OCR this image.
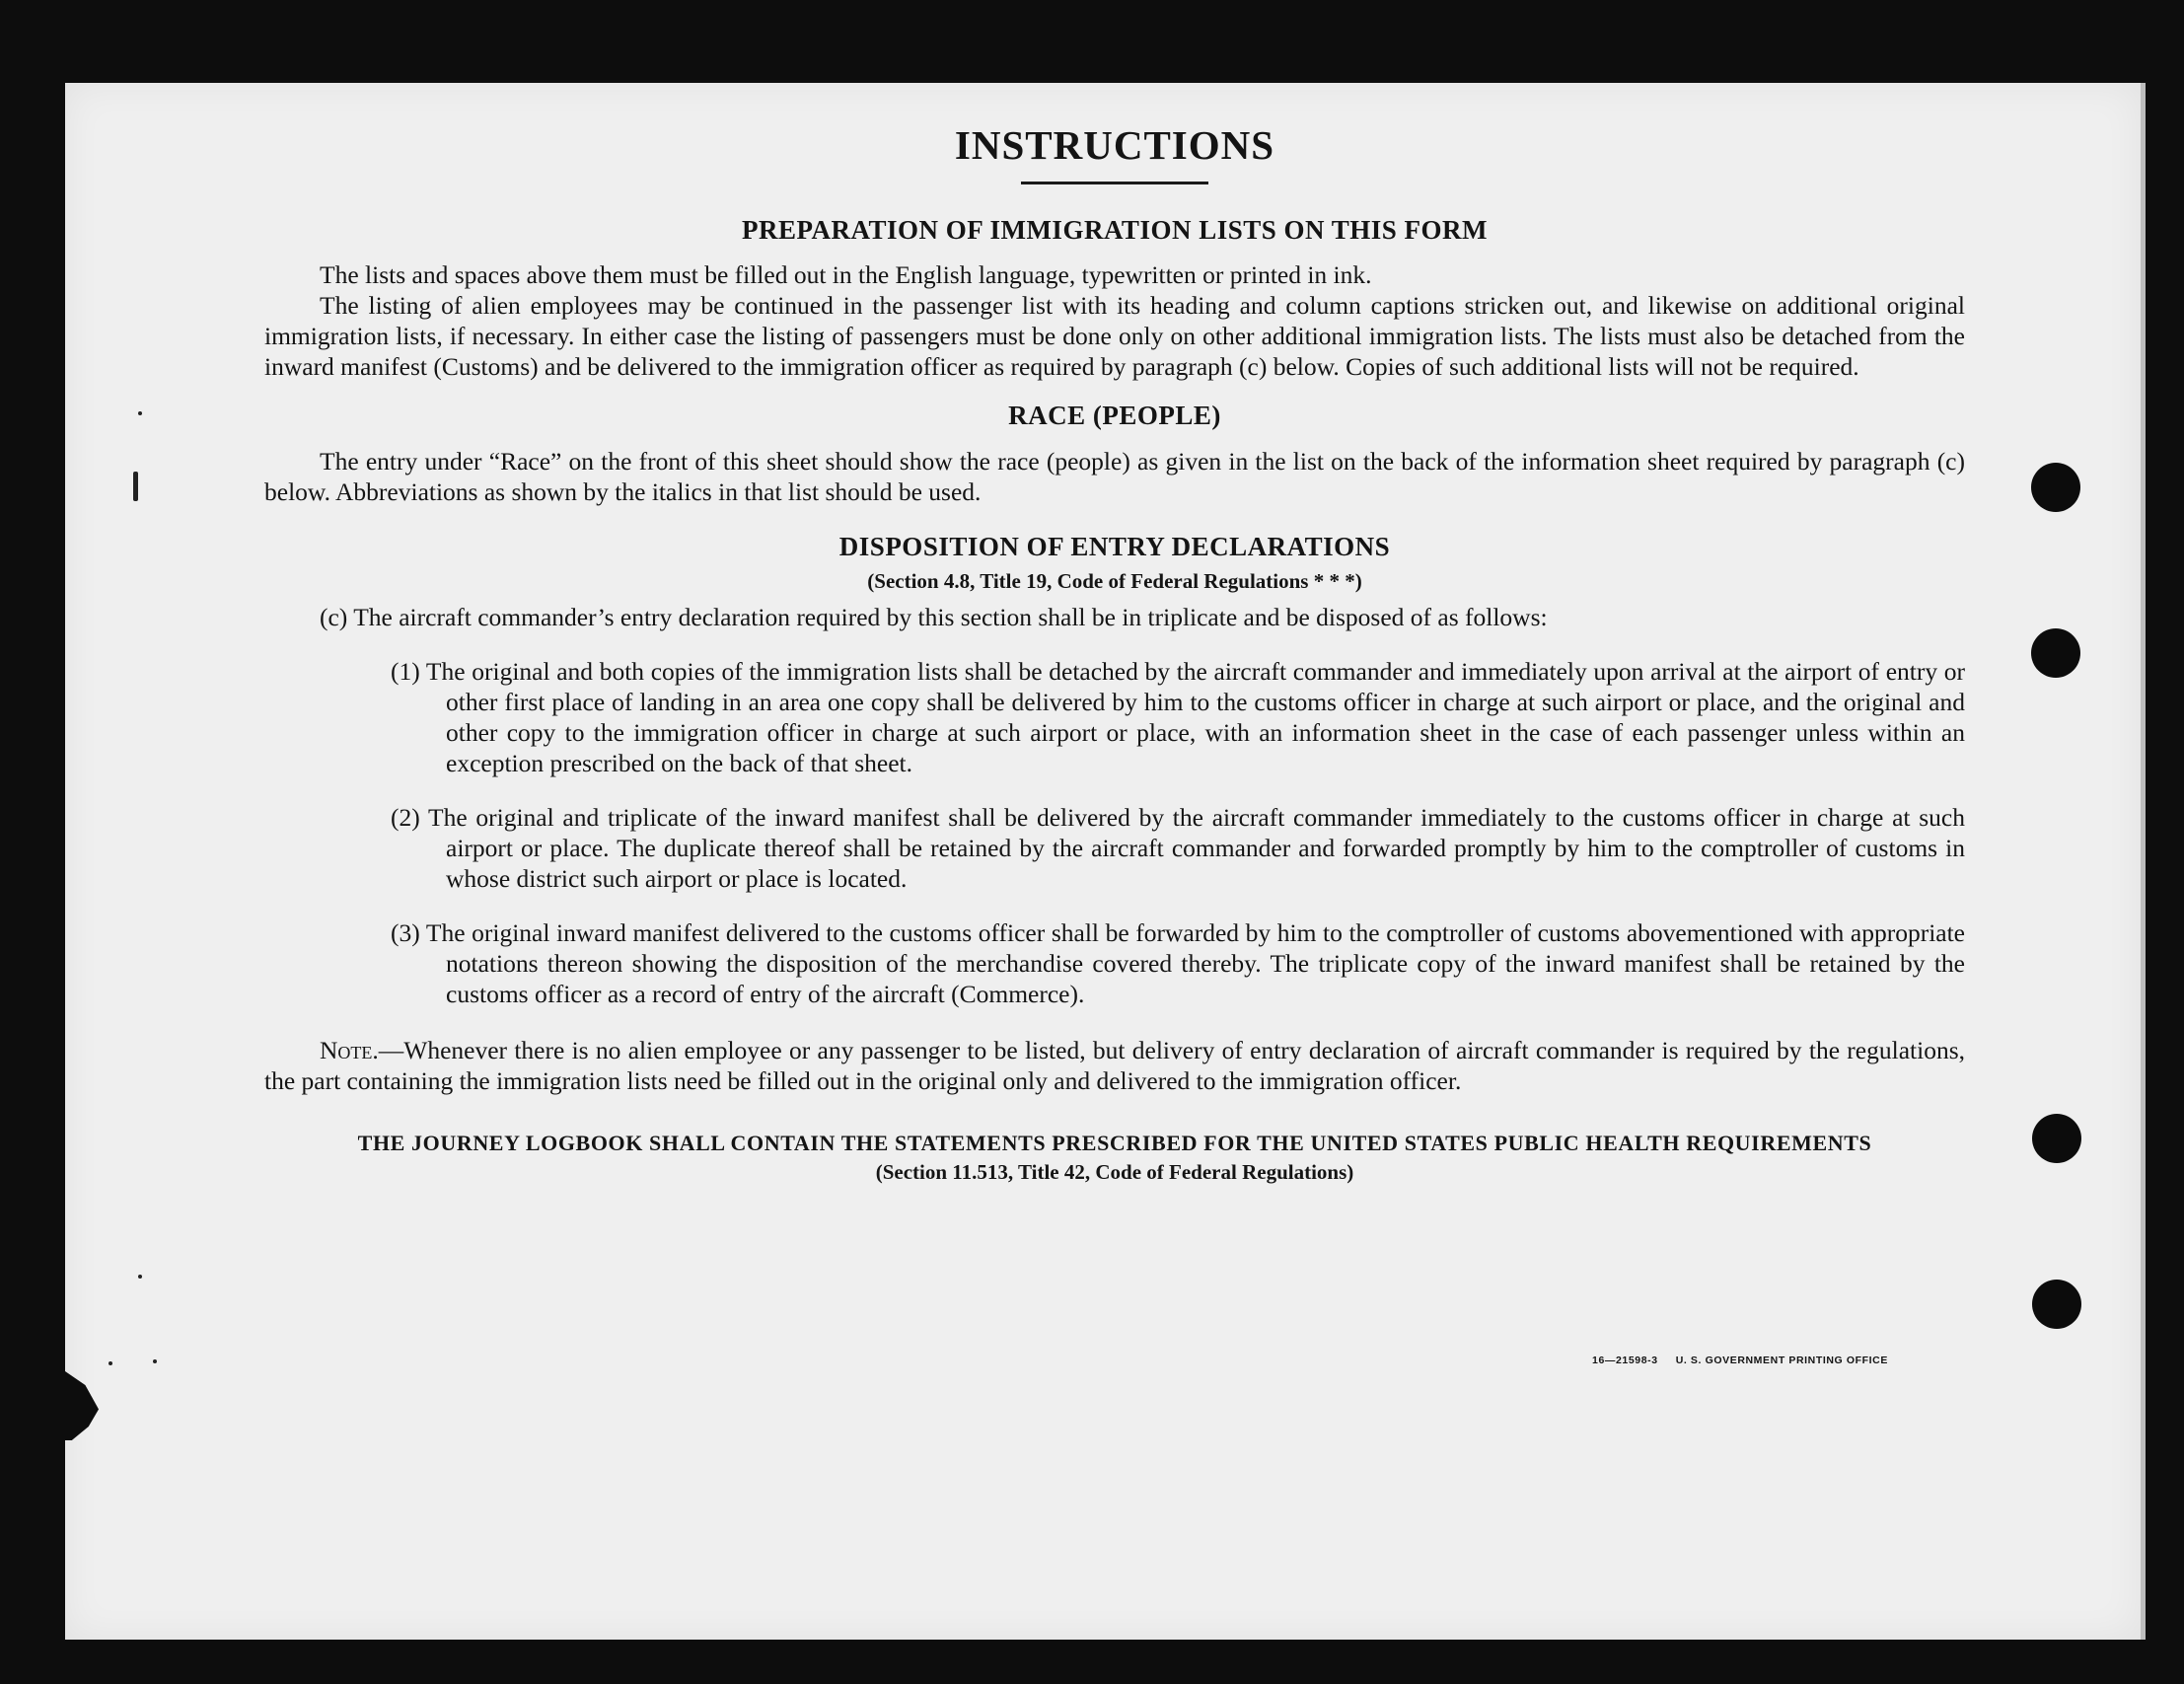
INSTRUCTIONS
PREPARATION OF IMMIGRATION LISTS ON THIS FORM

The lists and spaces above them must be filled out in the English language, typewritten or printed in ink.

The listing of alien employees may be continued in the passenger list with its heading and column captions stricken out, and likewise on additional original immigration lists, if necessary. In either case the listing of passengers must be done only on other additional immigration lists. The lists must also be detached from the inward manifest (Customs) and be delivered to the immigration officer as required by paragraph (c) below. Copies of such additional lists will not be required.

RACE (PEOPLE)

The entry under “Race” on the front of this sheet should show the race (people) as given in the list on the back of the information sheet required by paragraph (c) below. Abbreviations as shown by the italics in that list should be used.

DISPOSITION OF ENTRY DECLARATIONS

(Section 4.8, Title 19, Code of Federal Regulations * * *)

(c) The aircraft commander’s entry declaration required by this section shall be in triplicate and be disposed of as follows:

(1) The original and both copies of the immigration lists shall be detached by the aircraft commander and immediately upon arrival at the airport of entry or other first place of landing in an area one copy shall be delivered by him to the customs officer in charge at such airport or place, and the original and other copy to the immigration officer in charge at such airport or place, with an information sheet in the case of each passenger unless within an exception prescribed on the back of that sheet.

(2) The original and triplicate of the inward manifest shall be delivered by the aircraft commander immediately to the customs officer in charge at such airport or place. The duplicate thereof shall be retained by the aircraft commander and forwarded promptly by him to the comptroller of customs in whose district such airport or place is located.

(3) The original inward manifest delivered to the customs officer shall be forwarded by him to the comptroller of customs abovementioned with appropriate notations thereon showing the disposition of the merchandise covered thereby. The triplicate copy of the inward manifest shall be retained by the customs officer as a record of entry of the aircraft (Commerce).

Note.—Whenever there is no alien employee or any passenger to be listed, but delivery of entry declaration of aircraft commander is required by the regulations, the part containing the immigration lists need be filled out in the original only and delivered to the immigration officer.

THE JOURNEY LOGBOOK SHALL CONTAIN THE STATEMENTS PRESCRIBED FOR THE UNITED STATES PUBLIC HEALTH REQUIREMENTS

(Section 11.513, Title 42, Code of Federal Regulations)

16—21598-3 U. S. GOVERNMENT PRINTING OFFICE
